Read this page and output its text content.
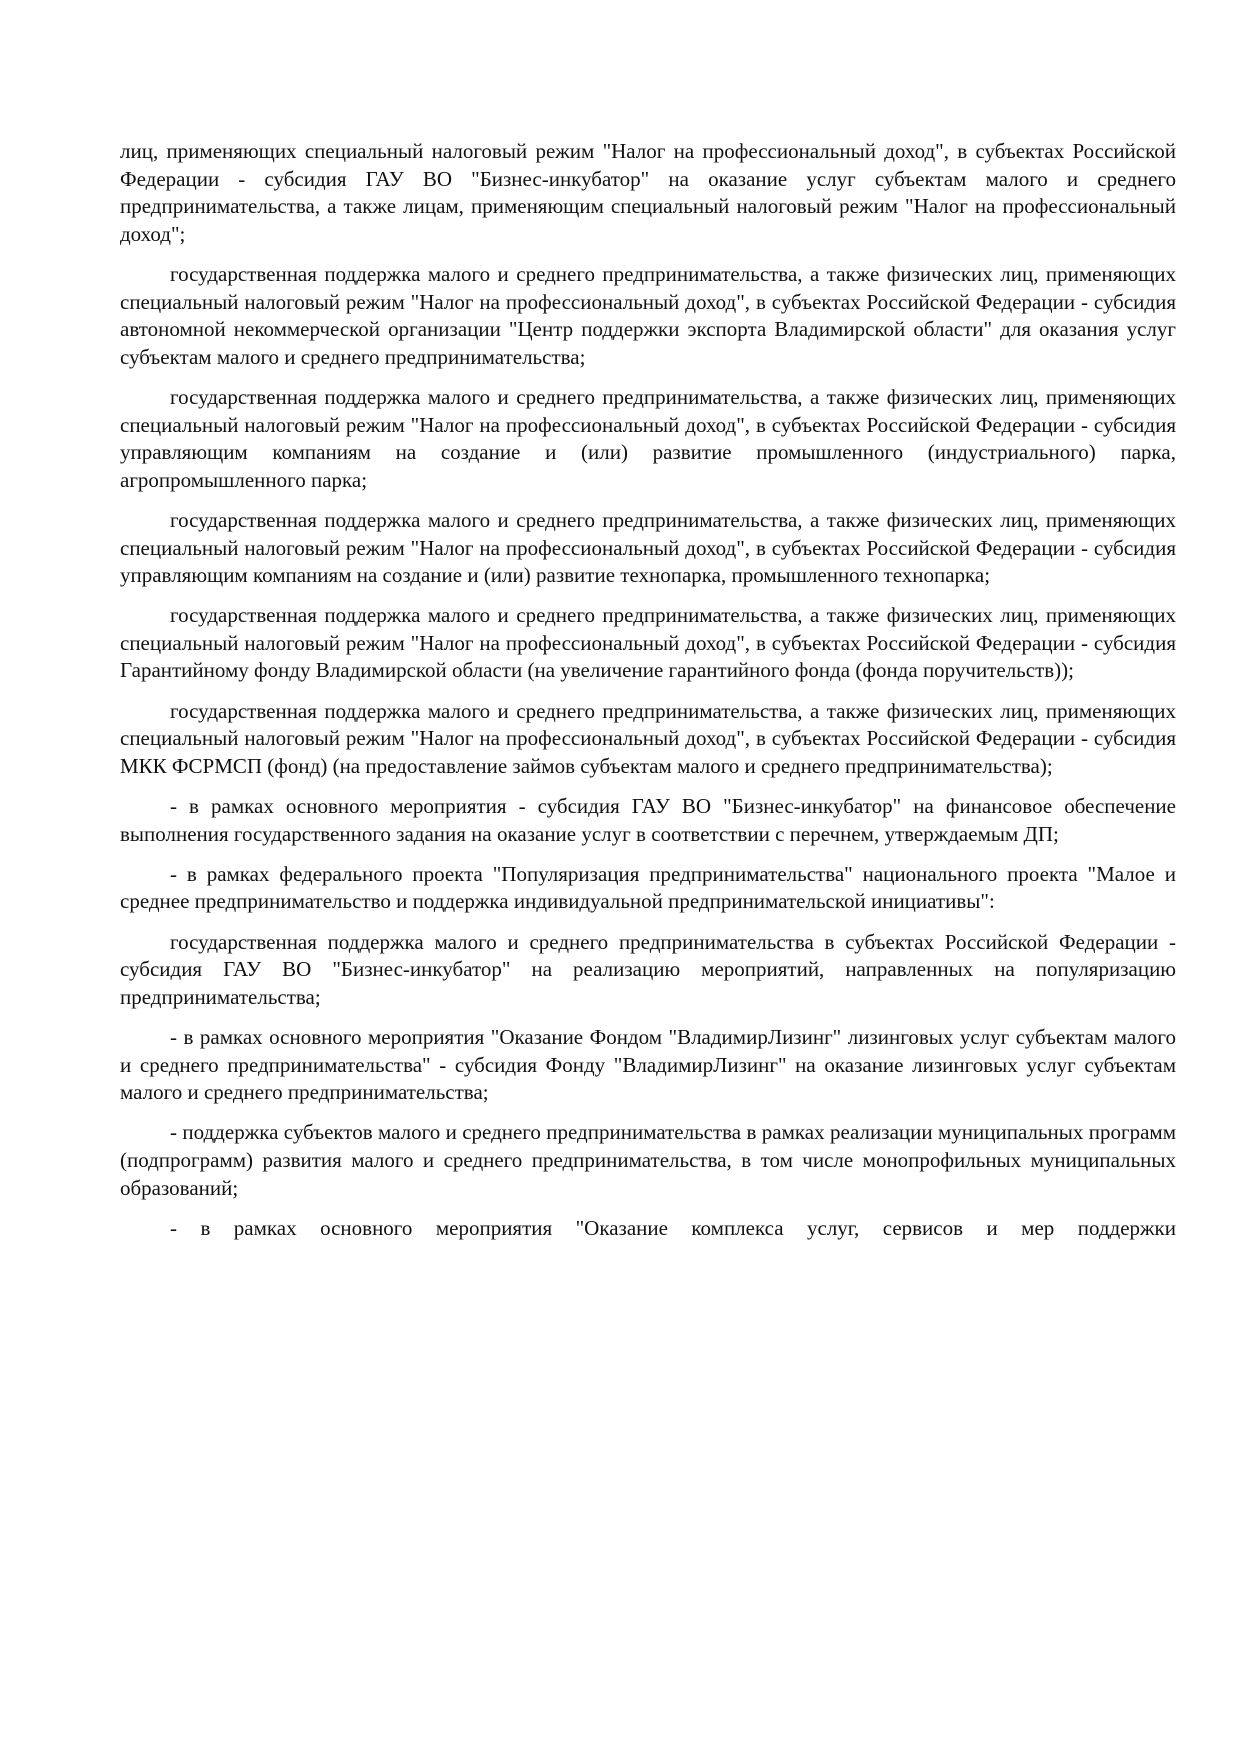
лиц, применяющих специальный налоговый режим "Налог на профессиональный доход", в субъектах Российской Федерации - субсидия ГАУ ВО "Бизнес-инкубатор" на оказание услуг субъектам малого и среднего предпринимательства, а также лицам, применяющим специальный налоговый режим "Налог на профессиональный доход";

государственная поддержка малого и среднего предпринимательства, а также физических лиц, применяющих специальный налоговый режим "Налог на профессиональный доход", в субъектах Российской Федерации - субсидия автономной некоммерческой организации "Центр поддержки экспорта Владимирской области" для оказания услуг субъектам малого и среднего предпринимательства;

государственная поддержка малого и среднего предпринимательства, а также физических лиц, применяющих специальный налоговый режим "Налог на профессиональный доход", в субъектах Российской Федерации - субсидия управляющим компаниям на создание и (или) развитие промышленного (индустриального) парка, агропромышленного парка;

государственная поддержка малого и среднего предпринимательства, а также физических лиц, применяющих специальный налоговый режим "Налог на профессиональный доход", в субъектах Российской Федерации - субсидия управляющим компаниям на создание и (или) развитие технопарка, промышленного технопарка;

государственная поддержка малого и среднего предпринимательства, а также физических лиц, применяющих специальный налоговый режим "Налог на профессиональный доход", в субъектах Российской Федерации - субсидия Гарантийному фонду Владимирской области (на увеличение гарантийного фонда (фонда поручительств));

государственная поддержка малого и среднего предпринимательства, а также физических лиц, применяющих специальный налоговый режим "Налог на профессиональный доход", в субъектах Российской Федерации - субсидия МКК ФСРМСП (фонд) (на предоставление займов субъектам малого и среднего предпринимательства);

- в рамках основного мероприятия - субсидия ГАУ ВО "Бизнес-инкубатор" на финансовое обеспечение выполнения государственного задания на оказание услуг в соответствии с перечнем, утверждаемым ДП;

- в рамках федерального проекта "Популяризация предпринимательства" национального проекта "Малое и среднее предпринимательство и поддержка индивидуальной предпринимательской инициативы":

государственная поддержка малого и среднего предпринимательства в субъектах Российской Федерации - субсидия ГАУ ВО "Бизнес-инкубатор" на реализацию мероприятий, направленных на популяризацию предпринимательства;

- в рамках основного мероприятия "Оказание Фондом "ВладимирЛизинг" лизинговых услуг субъектам малого и среднего предпринимательства" - субсидия Фонду "ВладимирЛизинг" на оказание лизинговых услуг субъектам малого и среднего предпринимательства;

- поддержка субъектов малого и среднего предпринимательства в рамках реализации муниципальных программ (подпрограмм) развития малого и среднего предпринимательства, в том числе монопрофильных муниципальных образований;

- в рамках основного мероприятия "Оказание комплекса услуг, сервисов и мер поддержки
